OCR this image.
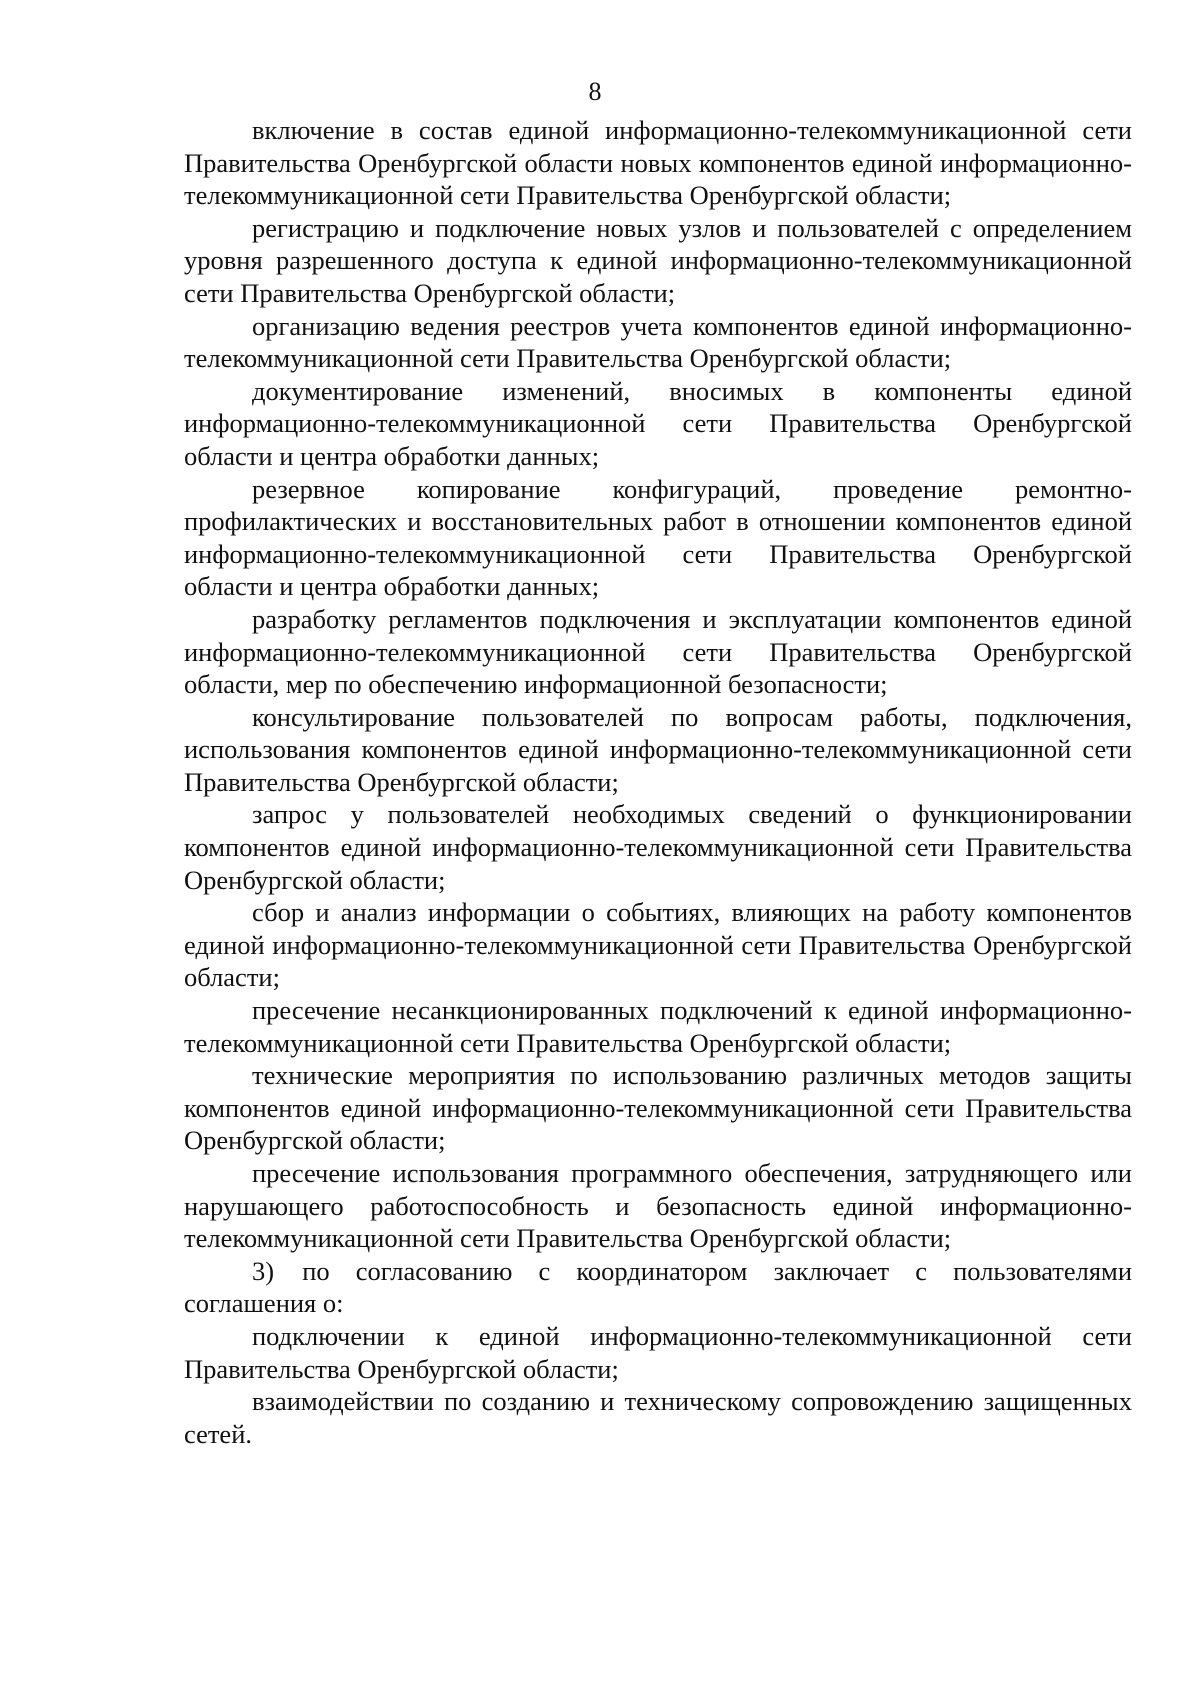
8

включение в состав единой информационно-телекоммуникационной сети Правительства Оренбургской области новых компонентов единой информационно-телекоммуникационной сети Правительства Оренбургской области;

регистрацию и подключение новых узлов и пользователей с определением уровня разрешенного доступа к единой информационно-телекоммуникационной сети Правительства Оренбургской области;

организацию ведения реестров учета компонентов единой информационно-телекоммуникационной сети Правительства Оренбургской области;

документирование изменений, вносимых в компоненты единой информационно-телекоммуникационной сети Правительства Оренбургской области и центра обработки данных;

резервное копирование конфигураций, проведение ремонтно-профилактических и восстановительных работ в отношении компонентов единой информационно-телекоммуникационной сети Правительства Оренбургской области и центра обработки данных;

разработку регламентов подключения и эксплуатации компонентов единой информационно-телекоммуникационной сети Правительства Оренбургской области, мер по обеспечению информационной безопасности;

консультирование пользователей по вопросам работы, подключения, использования компонентов единой информационно-телекоммуникационной сети Правительства Оренбургской области;

запрос у пользователей необходимых сведений о функционировании компонентов единой информационно-телекоммуникационной сети Правительства Оренбургской области;

сбор и анализ информации о событиях, влияющих на работу компонентов единой информационно-телекоммуникационной сети Правительства Оренбургской области;

пресечение несанкционированных подключений к единой информационно-телекоммуникационной сети Правительства Оренбургской области;

технические мероприятия по использованию различных методов защиты компонентов единой информационно-телекоммуникационной сети Правительства Оренбургской области;

пресечение использования программного обеспечения, затрудняющего или нарушающего работоспособность и безопасность единой информационно-телекоммуникационной сети Правительства Оренбургской области;

3) по согласованию с координатором заключает с пользователями соглашения о:

подключении к единой информационно-телекоммуникационной сети Правительства Оренбургской области;

взаимодействии по созданию и техническому сопровождению защищенных сетей.
